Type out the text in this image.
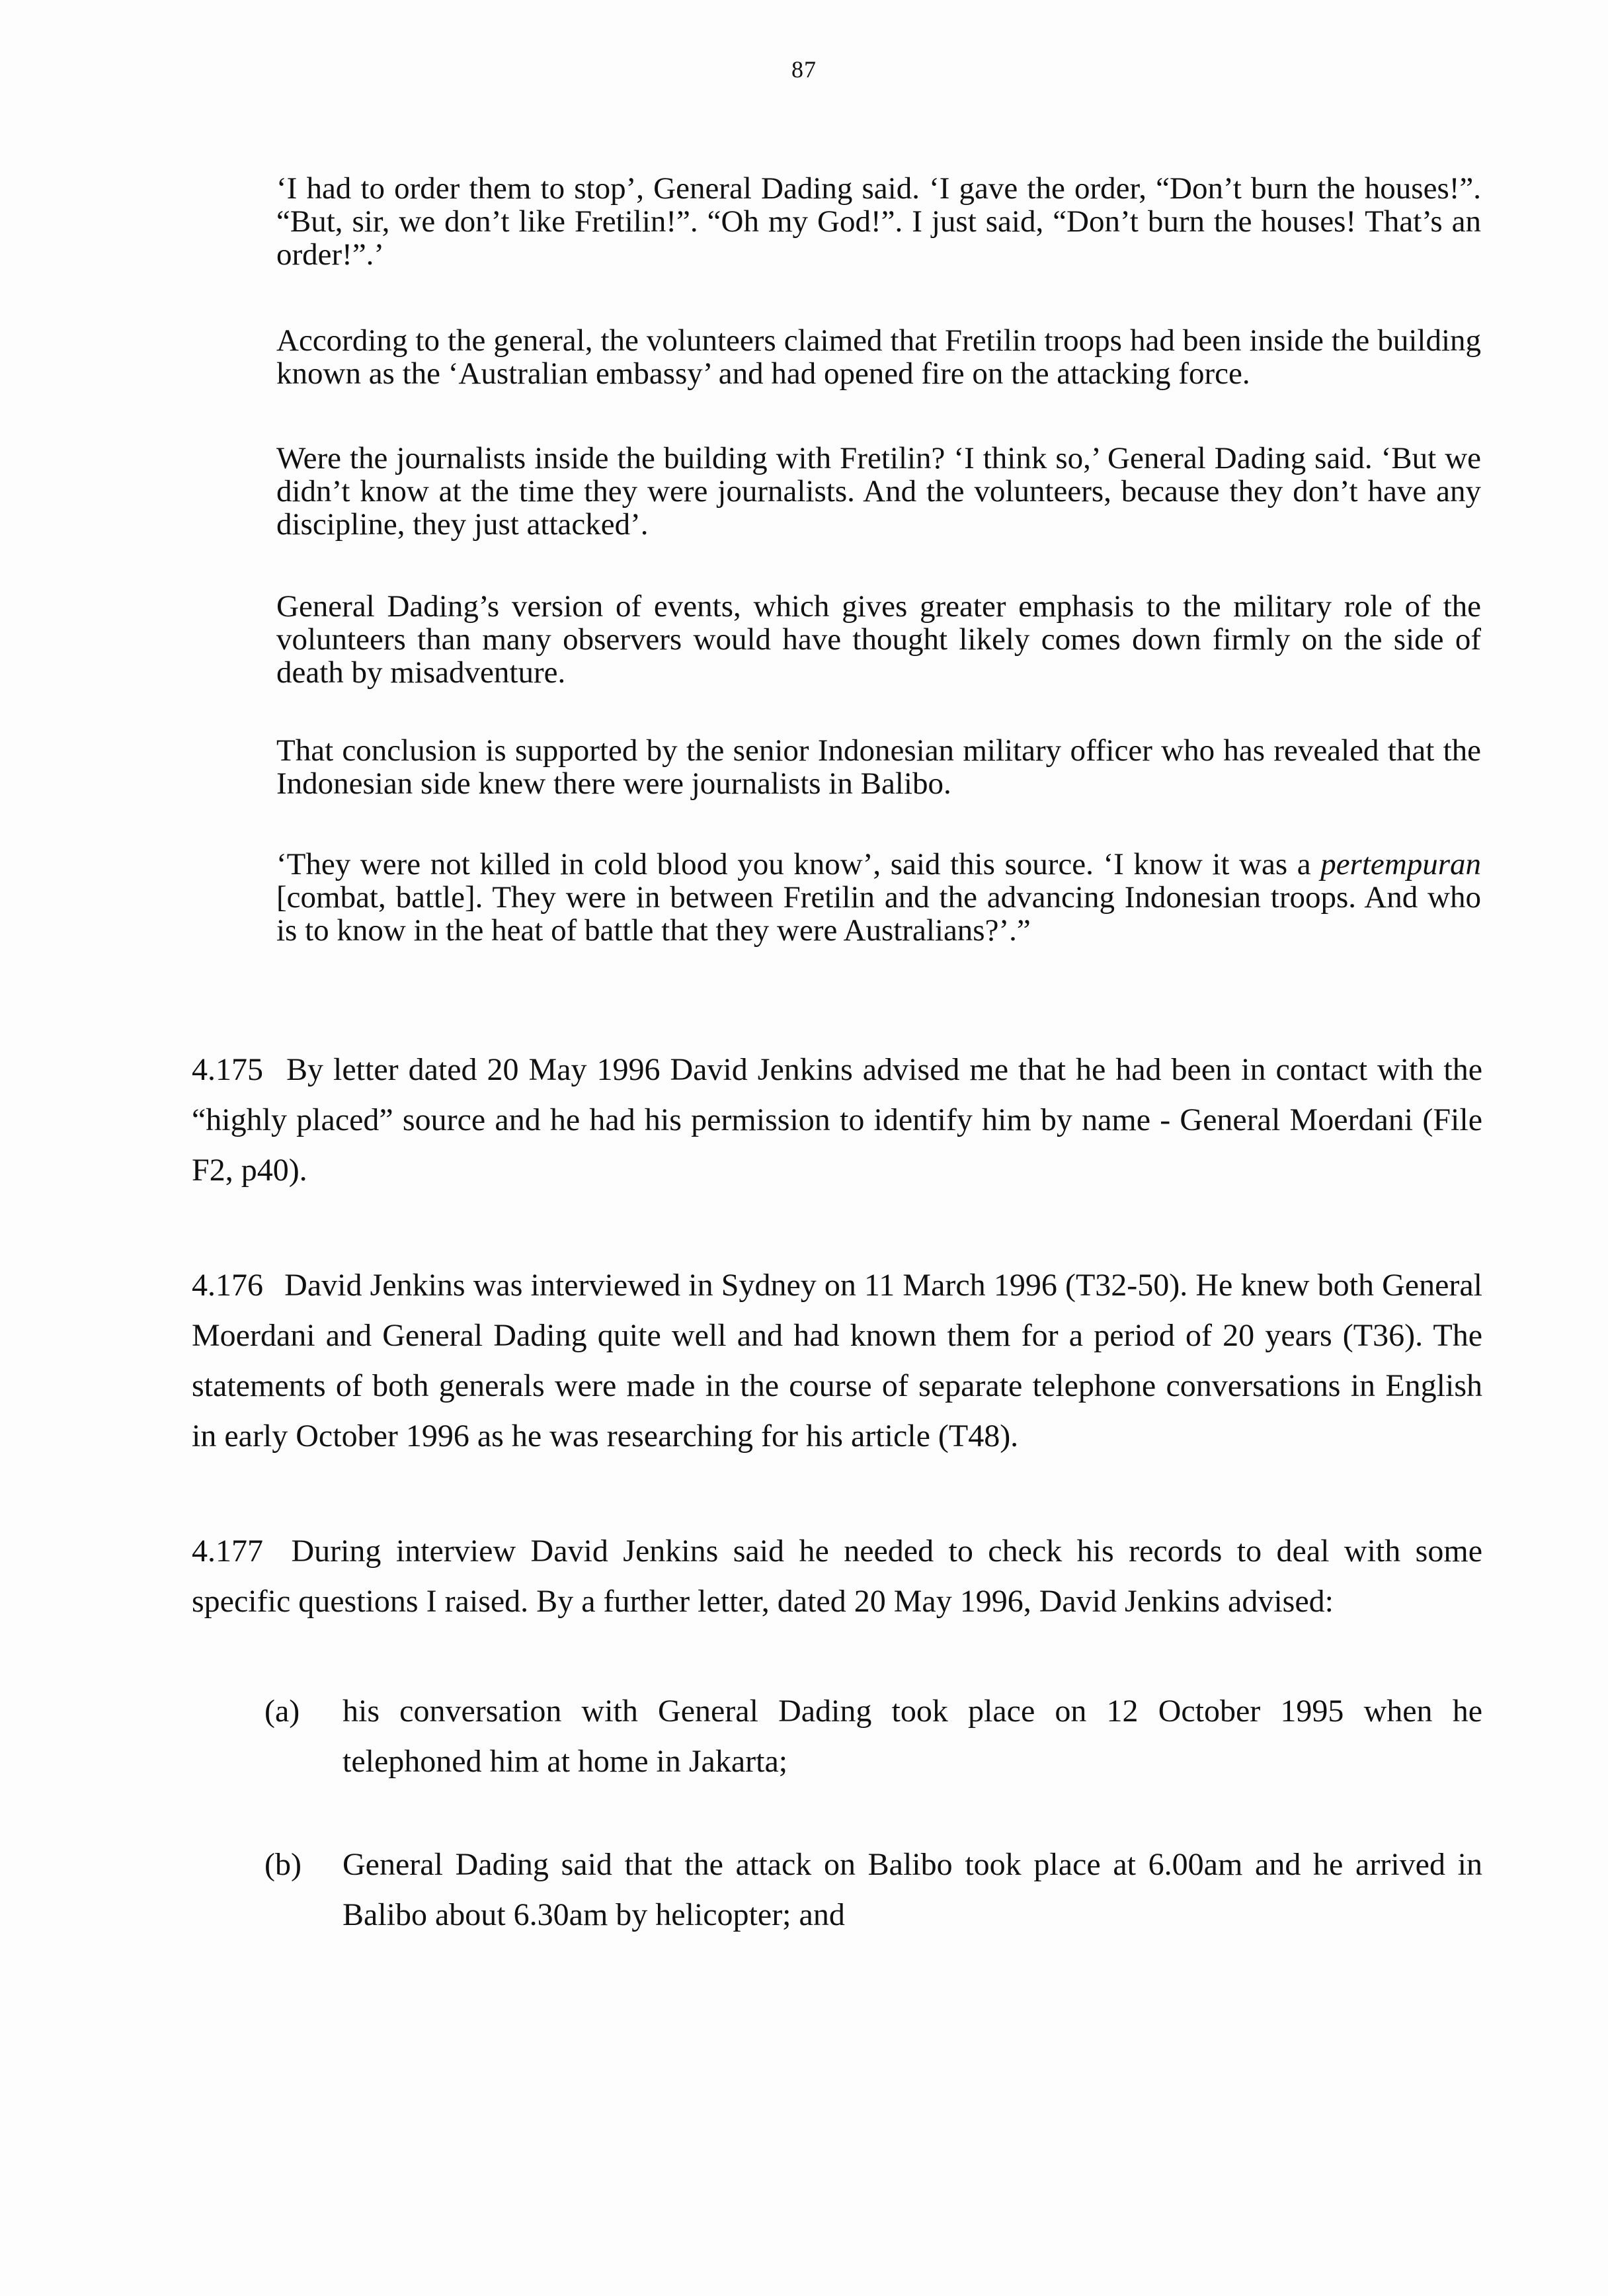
87

‘I had to order them to stop’, General Dading said. ‘I gave the order, “Don’t burn the houses!”. “But, sir, we don’t like Fretilin!”. “Oh my God!”. I just said, “Don’t burn the houses! That’s an order!”.’

According to the general, the volunteers claimed that Fretilin troops had been inside the building known as the ‘Australian embassy’ and had opened fire on the attacking force.

Were the journalists inside the building with Fretilin? ‘I think so,’ General Dading said. ‘But we didn’t know at the time they were journalists. And the volunteers, because they don’t have any discipline, they just attacked’.

General Dading’s version of events, which gives greater emphasis to the military role of the volunteers than many observers would have thought likely comes down firmly on the side of death by misadventure.

That conclusion is supported by the senior Indonesian military officer who has revealed that the Indonesian side knew there were journalists in Balibo.

‘They were not killed in cold blood you know’, said this source. ‘I know it was a pertempuran [combat, battle]. They were in between Fretilin and the advancing Indonesian troops. And who is to know in the heat of battle that they were Australians?’.”

4.175 By letter dated 20 May 1996 David Jenkins advised me that he had been in contact with the “highly placed” source and he had his permission to identify him by name - General Moerdani (File F2, p40).

4.176 David Jenkins was interviewed in Sydney on 11 March 1996 (T32-50). He knew both General Moerdani and General Dading quite well and had known them for a period of 20 years (T36). The statements of both generals were made in the course of separate telephone conversations in English in early October 1996 as he was researching for his article (T48).

4.177 During interview David Jenkins said he needed to check his records to deal with some specific questions I raised. By a further letter, dated 20 May 1996, David Jenkins advised:

(a) his conversation with General Dading took place on 12 October 1995 when he telephoned him at home in Jakarta;
(b) General Dading said that the attack on Balibo took place at 6.00am and he arrived in Balibo about 6.30am by helicopter; and
